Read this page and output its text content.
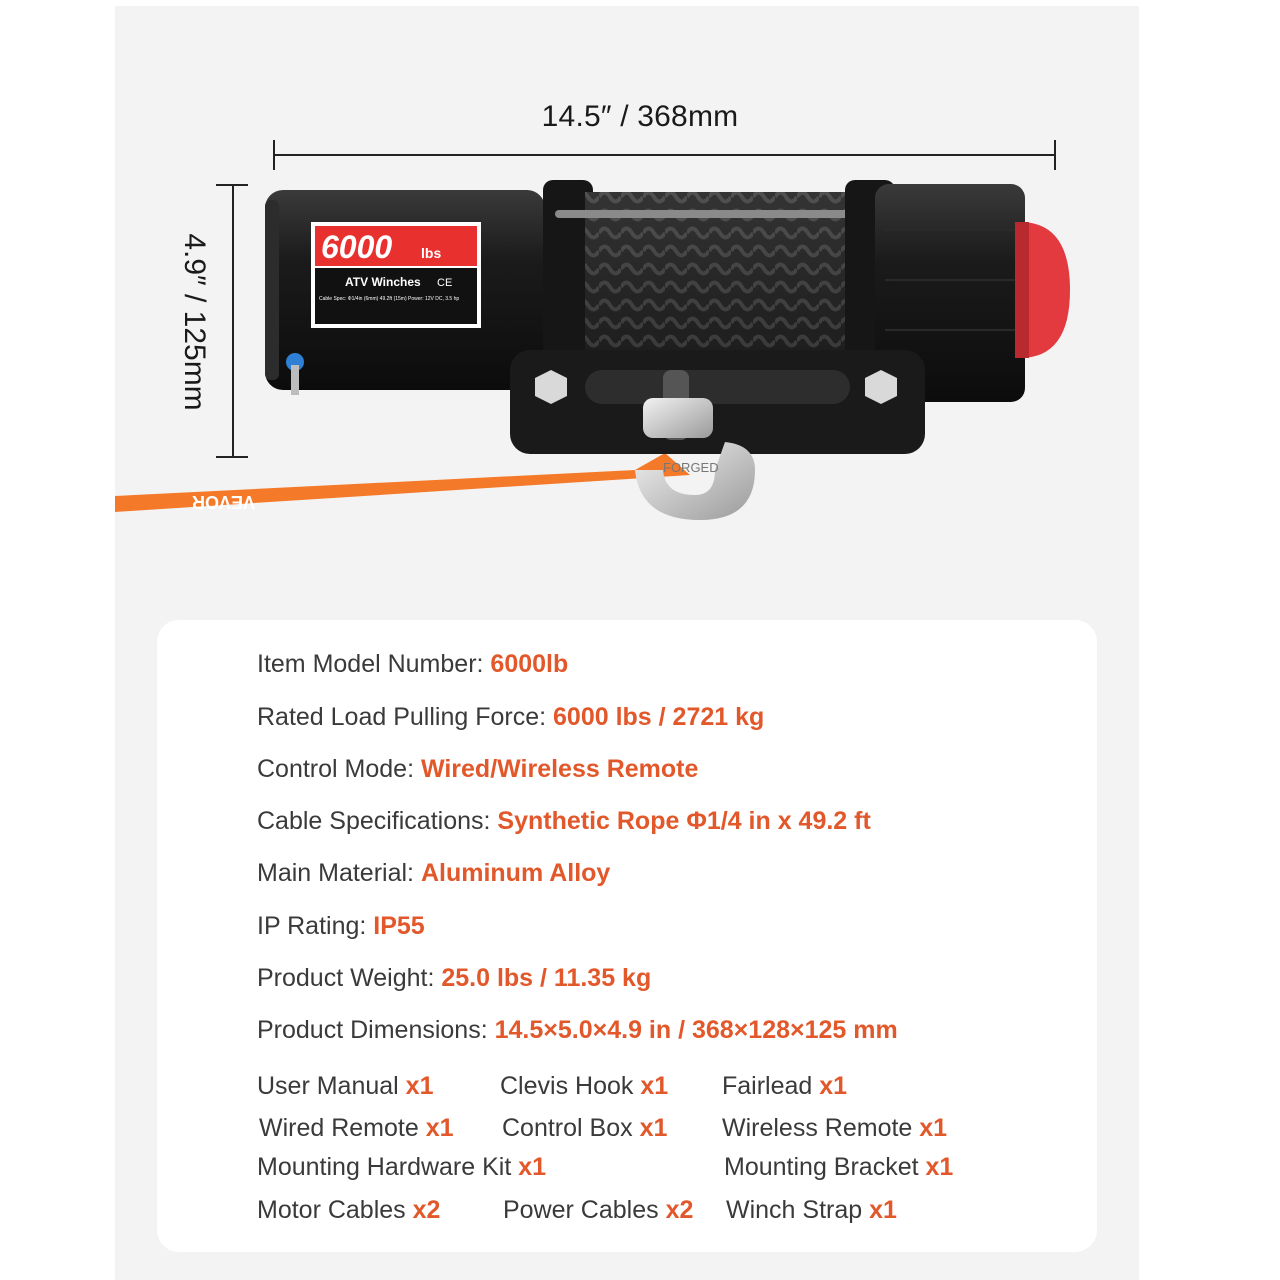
14.5″ / 368mm
4.9″ / 125mm
VEVOR
6000 lbs
ATV Winches CE
Cable Spec: Φ1/4in (6mm) 49.2ft (15m) Power: 12V DC, 3.5 hp
FORGED
Item Model Number: 6000lb
Rated Load Pulling Force: 6000 lbs / 2721 kg
Control Mode: Wired/Wireless Remote
Cable Specifications: Synthetic Rope Φ1/4 in x 49.2 ft
Main Material: Aluminum Alloy
IP Rating: IP55
Product Weight: 25.0 lbs / 11.35 kg
Product Dimensions: 14.5×5.0×4.9 in / 368×128×125 mm
User Manual x1	Clevis Hook x1 Fairlead x1
Wired Remote x1 Control Box x1 Wireless Remote x1
Mounting Hardware Kit x1	Mounting Bracket x1
Motor Cables x2	Power Cables x2 Winch Strap x1
